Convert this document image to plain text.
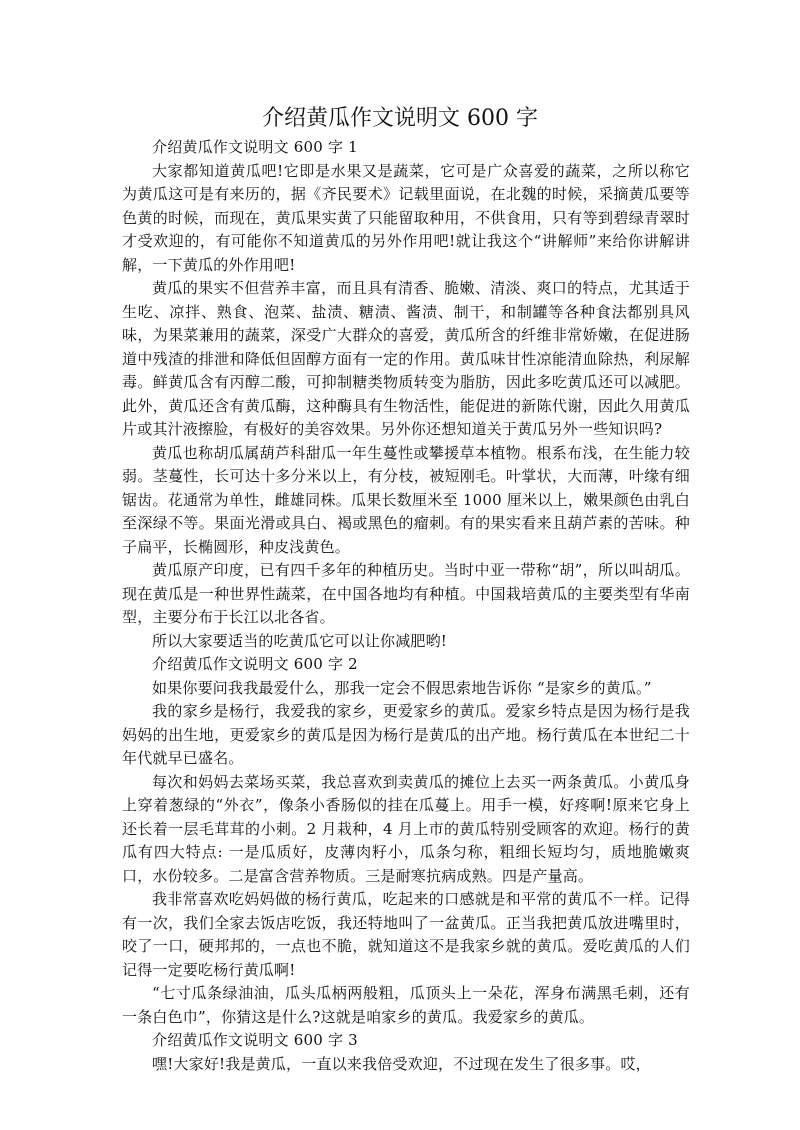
介绍黄瓜作文说明文 600 字

介绍黄瓜作文说明文 600 字 1

大家都知道黄瓜吧!它即是水果又是蔬菜，它可是广众喜爱的蔬菜，之所以称它为黄瓜这可是有来历的，据《齐民要术》记载里面说，在北魏的时候，采摘黄瓜要等色黄的时候，而现在，黄瓜果实黄了只能留取种用，不供食用，只有等到碧绿青翠时才受欢迎的，有可能你不知道黄瓜的另外作用吧!就让我这个“讲解师”来给你讲解讲解，一下黄瓜的外作用吧!

黄瓜的果实不但营养丰富，而且具有清香、脆嫩、清淡、爽口的特点，尤其适于生吃、凉拌、熟食、泡菜、盐渍、糖渍、酱渍、制干，和制罐等各种食法都别具风味，为果菜兼用的蔬菜，深受广大群众的喜爱，黄瓜所含的纤维非常娇嫩，在促进肠道中残渣的排泄和降低但固醇方面有一定的作用。黄瓜味甘性凉能清血除热，利尿解毒。鲜黄瓜含有丙醇二酸，可抑制糖类物质转变为脂肪，因此多吃黄瓜还可以减肥。此外，黄瓜还含有黄瓜酶，这种酶具有生物活性，能促进的新陈代谢，因此久用黄瓜片或其汁液擦脸，有极好的美容效果。另外你还想知道关于黄瓜另外一些知识吗?

黄瓜也称胡瓜属葫芦科甜瓜一年生蔓性或攀援草本植物。根系布浅，在生能力较弱。茎蔓性，长可达十多分米以上，有分枝，被短刚毛。叶掌状，大而薄，叶缘有细锯齿。花通常为单性，雌雄同株。瓜果长数厘米至 1000 厘米以上，嫩果颜色由乳白至深绿不等。果面光滑或具白、褐或黑色的瘤刺。有的果实看来且葫芦素的苦味。种子扁平，长椭圆形，种皮浅黄色。

黄瓜原产印度，已有四千多年的种植历史。当时中亚一带称“胡”，所以叫胡瓜。现在黄瓜是一种世界性蔬菜，在中国各地均有种植。中国栽培黄瓜的主要类型有华南型，主要分布于长江以北各省。

所以大家要适当的吃黄瓜它可以让你减肥哟!

介绍黄瓜作文说明文 600 字 2

如果你要问我我最爱什么，那我一定会不假思索地告诉你 “是家乡的黄瓜。”

我的家乡是杨行，我爱我的家乡，更爱家乡的黄瓜。爱家乡特点是因为杨行是我妈妈的出生地，更爱家乡的黄瓜是因为杨行是黄瓜的出产地。杨行黄瓜在本世纪二十年代就早已盛名。

每次和妈妈去菜场买菜，我总喜欢到卖黄瓜的摊位上去买一两条黄瓜。小黄瓜身上穿着葱绿的“外衣”，像条小香肠似的挂在瓜蔓上。用手一模，好疼啊!原来它身上还长着一层毛茸茸的小刺。2 月栽种，4 月上市的黄瓜特别受顾客的欢迎。杨行的黄瓜有四大特点: 一是瓜质好，皮薄肉籽小，瓜条匀称，粗细长短均匀，质地脆嫩爽口，水份较多。二是富含营养物质。三是耐寒抗病成熟。四是产量高。

我非常喜欢吃妈妈做的杨行黄瓜，吃起来的口感就是和平常的黄瓜不一样。记得有一次，我们全家去饭店吃饭，我还特地叫了一盆黄瓜。正当我把黄瓜放进嘴里时，咬了一口，硬邦邦的，一点也不脆，就知道这不是我家乡就的黄瓜。爱吃黄瓜的人们记得一定要吃杨行黄瓜啊!

“七寸瓜条绿油油，瓜头瓜柄两般粗，瓜顶头上一朵花，浑身布满黑毛刺，还有一条白色巾”，你猜这是什么?这就是咱家乡的黄瓜。我爱家乡的黄瓜。

介绍黄瓜作文说明文 600 字 3

嘿!大家好!我是黄瓜，一直以来我倍受欢迎，不过现在发生了很多事。哎，
